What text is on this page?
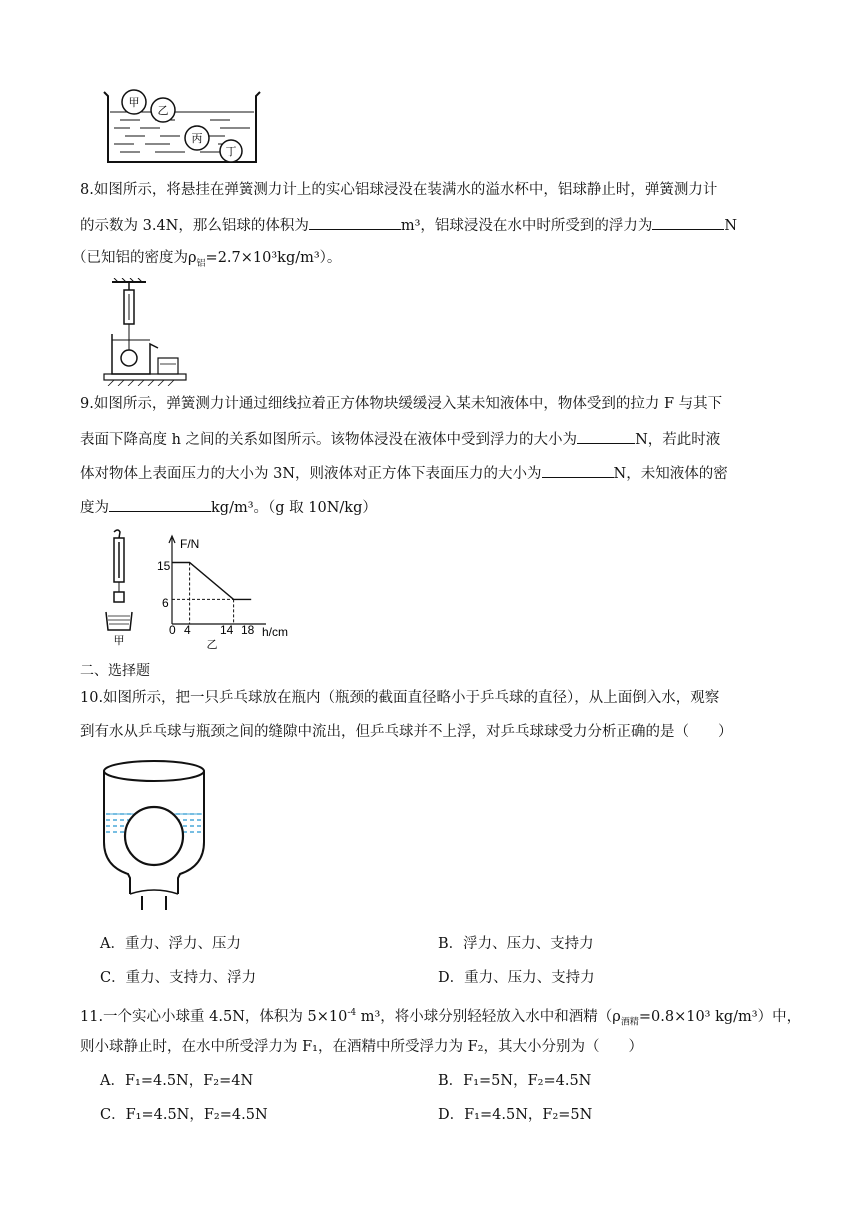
甲
乙
丙
丁
8.如图所示，将悬挂在弹簧测力计上的实心铝球浸没在装满水的溢水杯中，铝球静止时，弹簧测力计
的示数为 3.4N，那么铝球的体积为	m³，铝球浸没在水中时所受到的浮力为	N
（已知铝的密度为$\rho_铝=2.7\times 10^3kg/m^3$）。
9.如图所示，弹簧测力计通过细线拉着正方体物块缓缓浸入某未知液体中，物体受到的拉力 F 与其下
表面下降高度 h 之间的关系如图所示。该物体浸没在液体中受到浮力的大小为	N，若此时液
体对物体上表面压力的大小为 3N，则液体对正方体下表面压力的大小为	N，未知液体的密
度为	kg/m³。（g 取 10N/kg）
甲
F/N
h/cm
15
6
0 4 14 18
乙
二、选择题
10.如图所示，把一只乒乓球放在瓶内（瓶颈的截面直径略小于乒乓球的直径），从上面倒入水，观察
到有水从乒乓球与瓶颈之间的缝隙中流出，但乒乓球并不上浮，对乒乓球球受力分析正确的是（　　）
A．重力、浮力、压力	B．浮力、压力、支持力
C．重力、支持力、浮力	D．重力、压力、支持力
11.一个实心小球重 4.5N，体积为 $5\times 10^{-4}$ m³，将小球分别轻轻放入水中和酒精（$\rho_{酒精}=0.8\times 10^3$ kg/m³）中，
则小球静止时，在水中所受浮力为 F₁，在酒精中所受浮力为 F₂，其大小分别为（　　）
A．F₁=4.5N，F₂=4N	B．F₁=5N，F₂=4.5N
C．F₁=4.5N，F₂=4.5N	D．F₁=4.5N，F₂=5N
